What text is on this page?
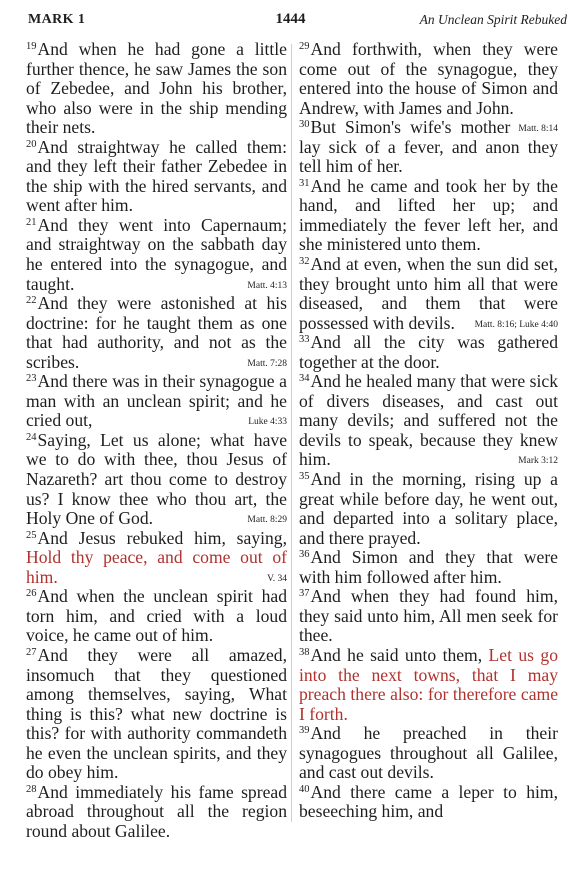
MARK 1	1444	An Unclean Spirit Rebuked

$^{19}$And when he had gone a little further thence, he saw James the son of Zebedee, and John his brother, who also were in the ship mending their nets.

$^{20}$And straightway he called them: and they left their father Zebedee in the ship with the hired servants, and went after him.

$^{21}$And they went into Capernaum; and straightway on the sabbath day he entered into the synagogue, and taught.	Matt. 4:13

$^{22}$And they were astonished at his doctrine: for he taught them as one that had authority, and not as the scribes.	Matt. 7:28

$^{23}$And there was in their synagogue a man with an unclean spirit; and he cried out,	Luke 4:33

$^{24}$Saying, Let us alone; what have we to do with thee, thou Jesus of Nazareth? art thou come to destroy us? I know thee who thou art, the Holy One of God.	Matt. 8:29

$^{25}$And Jesus rebuked him, saying, Hold thy peace, and come out of him.	V. 34

$^{26}$And when the unclean spirit had torn him, and cried with a loud voice, he came out of him.

$^{27}$And they were all amazed, insomuch that they questioned among themselves, saying, What thing is this? what new doctrine is this? for with authority commandeth he even the unclean spirits, and they do obey him.

$^{28}$And immediately his fame spread abroad throughout all the region round about Galilee.

$^{29}$And forthwith, when they were come out of the synagogue, they entered into the house of Simon and Andrew, with James and John.
Matt. 8:14

$^{30}$But Simon's wife's mother lay sick of a fever, and anon they tell him of her.

$^{31}$And he came and took her by the hand, and lifted her up; and immediately the fever left her, and she ministered unto them.

$^{32}$And at even, when the sun did set, they brought unto him all that were diseased, and them that were possessed with devils. Matt. 8:16; Luke 4:40

$^{33}$And all the city was gathered together at the door.

$^{34}$And he healed many that were sick of divers diseases, and cast out many devils; and suffered not the devils to speak, because they knew him.	Mark 3:12

$^{35}$And in the morning, rising up a great while before day, he went out, and departed into a solitary place, and there prayed.

$^{36}$And Simon and they that were with him followed after him.

$^{37}$And when they had found him, they said unto him, All men seek for thee.

$^{38}$And he said unto them, Let us go into the next towns, that I may preach there also: for therefore came I forth.

$^{39}$And he preached in their synagogues throughout all Galilee, and cast out devils.

$^{40}$And there came a leper to him, beseeching him, and
